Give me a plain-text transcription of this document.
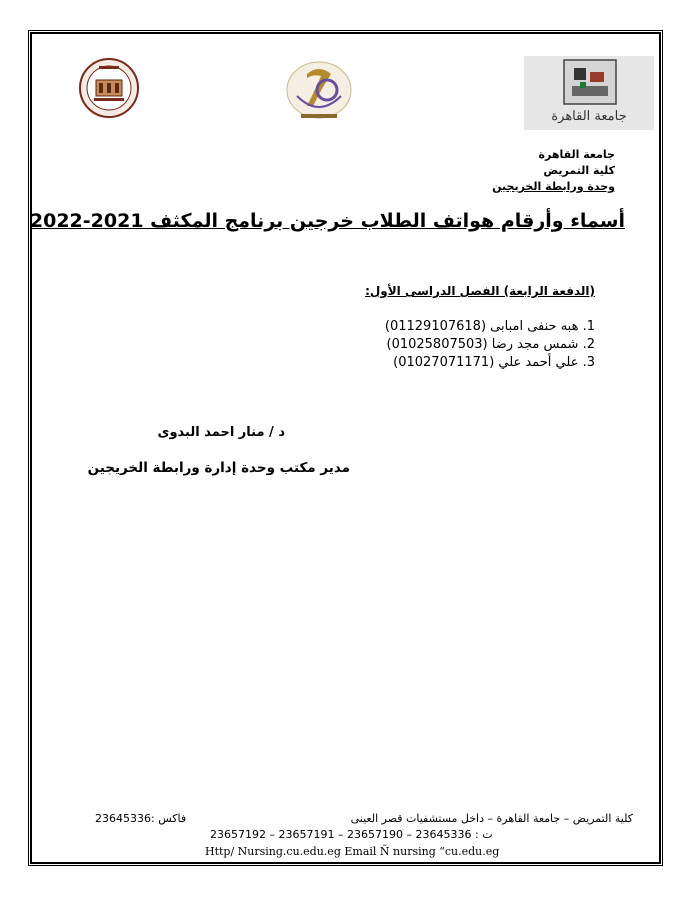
جامعة القاهرة
جامعة القاهرة
كلية التمريض
وحدة ورابطة الخريجين
أسماء وأرقام هواتف الطلاب خرجين برنامج المكثف 2021-2022
(الدفعة الرابعة) الفصل الدراسى الأول:
1. هبه حنفى امبابى (01129107618)
2. شمس مجد رضا (01025807503)
3. علي أحمد علي (01027071171)
د / منار احمد البدوى
مدير مكتب وحدة إدارة ورابطة الخريجين
كلية التمريض – جامعة القاهرة – داخل مستشفيات قصر العينى
فاكس :23645336
ت : 23645336 – 23657190 – 23657191 – 23657192
Http/ Nursing.cu.edu.eg Email Ñ nursing “cu.edu.eg
